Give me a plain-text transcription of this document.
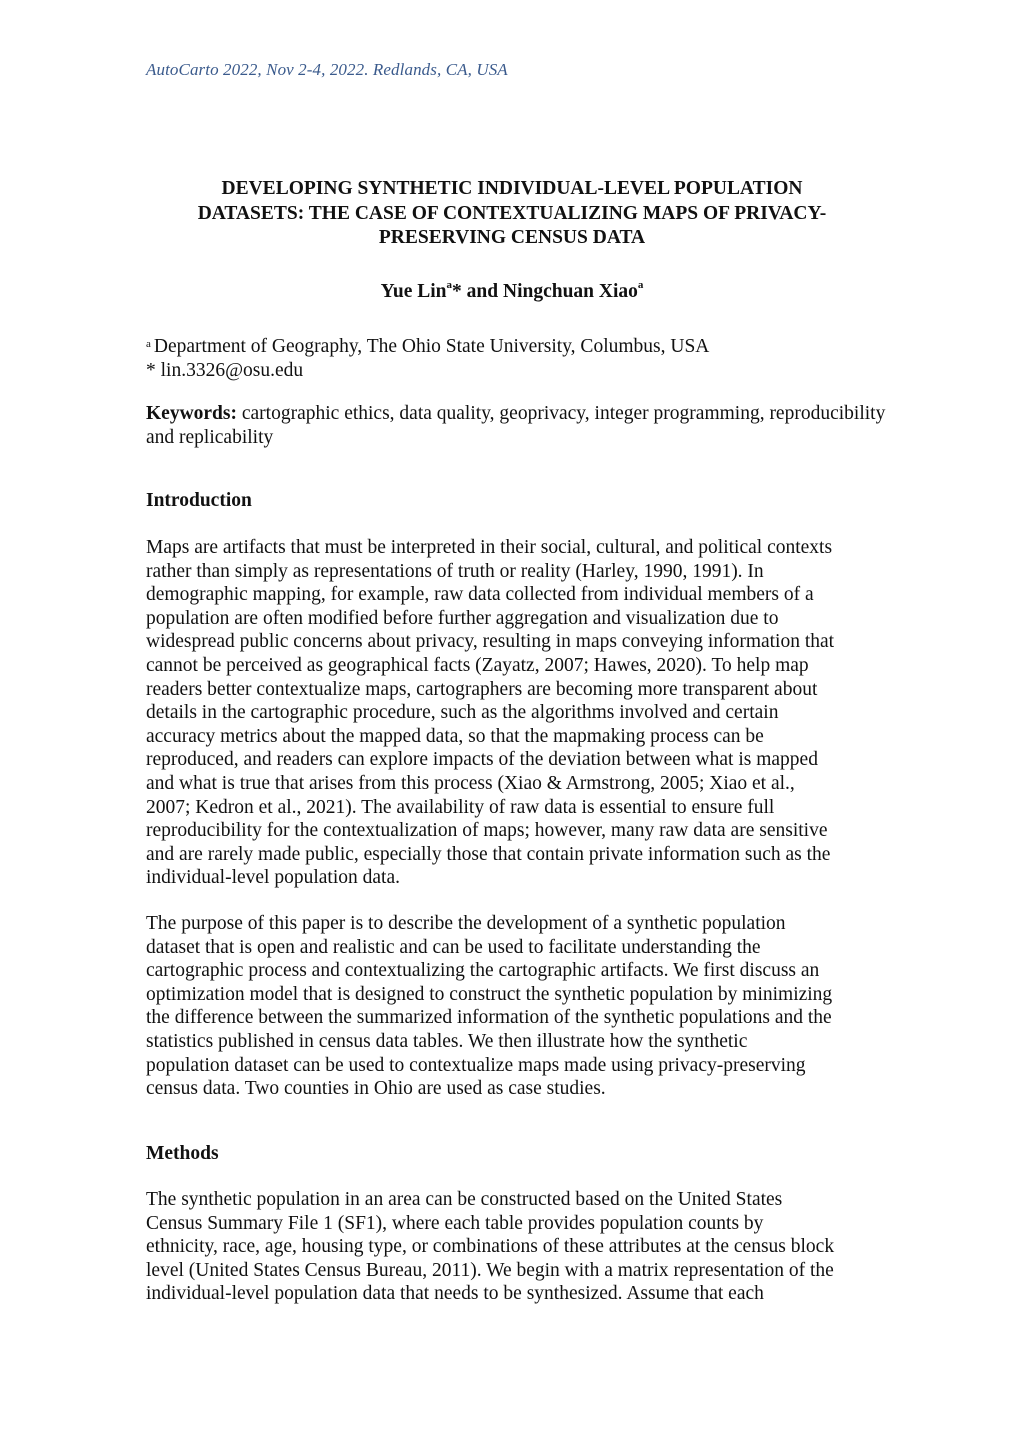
AutoCarto 2022, Nov 2-4, 2022. Redlands, CA, USA
DEVELOPING SYNTHETIC INDIVIDUAL-LEVEL POPULATION
DATASETS: THE CASE OF CONTEXTUALIZING MAPS OF PRIVACY-
PRESERVING CENSUS DATA
Yue Lin$^a$* and Ningchuan Xiao$^a$
$^a$ Department of Geography, The Ohio State University, Columbus, USA
* lin.3326@osu.edu
Keywords: cartographic ethics, data quality, geoprivacy, integer programming, reproducibility and replicability
Introduction
Maps are artifacts that must be interpreted in their social, cultural, and political contexts
rather than simply as representations of truth or reality (Harley, 1990, 1991). In
demographic mapping, for example, raw data collected from individual members of a
population are often modified before further aggregation and visualization due to
widespread public concerns about privacy, resulting in maps conveying information that
cannot be perceived as geographical facts (Zayatz, 2007; Hawes, 2020). To help map
readers better contextualize maps, cartographers are becoming more transparent about
details in the cartographic procedure, such as the algorithms involved and certain
accuracy metrics about the mapped data, so that the mapmaking process can be
reproduced, and readers can explore impacts of the deviation between what is mapped
and what is true that arises from this process (Xiao & Armstrong, 2005; Xiao et al.,
2007; Kedron et al., 2021). The availability of raw data is essential to ensure full
reproducibility for the contextualization of maps; however, many raw data are sensitive
and are rarely made public, especially those that contain private information such as the
individual-level population data.
The purpose of this paper is to describe the development of a synthetic population
dataset that is open and realistic and can be used to facilitate understanding the
cartographic process and contextualizing the cartographic artifacts. We first discuss an
optimization model that is designed to construct the synthetic population by minimizing
the difference between the summarized information of the synthetic populations and the
statistics published in census data tables. We then illustrate how the synthetic
population dataset can be used to contextualize maps made using privacy-preserving
census data. Two counties in Ohio are used as case studies.
Methods
The synthetic population in an area can be constructed based on the United States
Census Summary File 1 (SF1), where each table provides population counts by
ethnicity, race, age, housing type, or combinations of these attributes at the census block
level (United States Census Bureau, 2011). We begin with a matrix representation of the
individual-level population data that needs to be synthesized. Assume that each
